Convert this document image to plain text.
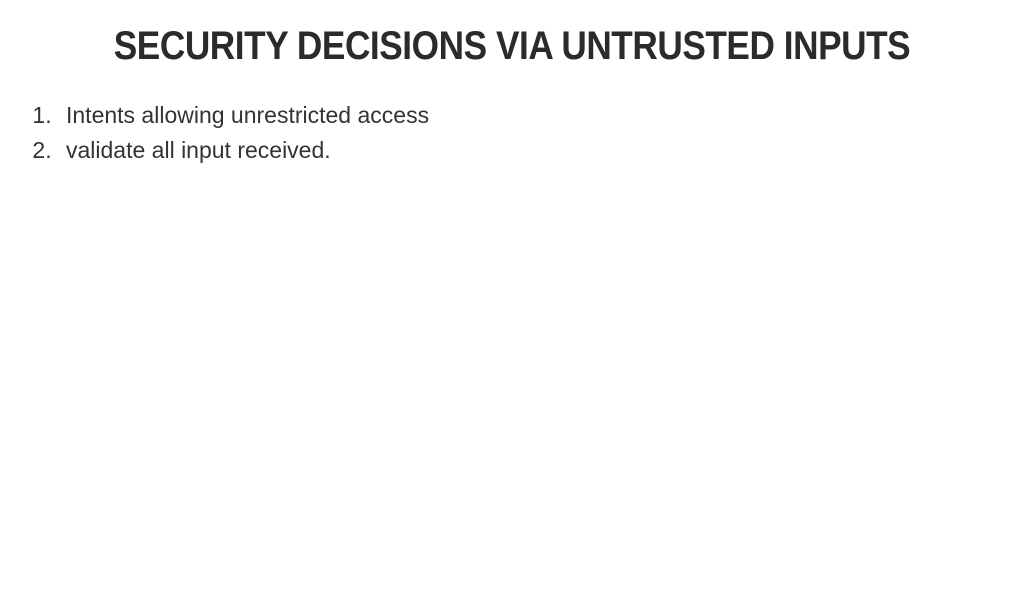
SECURITY DECISIONS VIA UNTRUSTED INPUTS
1. Intents allowing unrestricted access
2. validate all input received.
